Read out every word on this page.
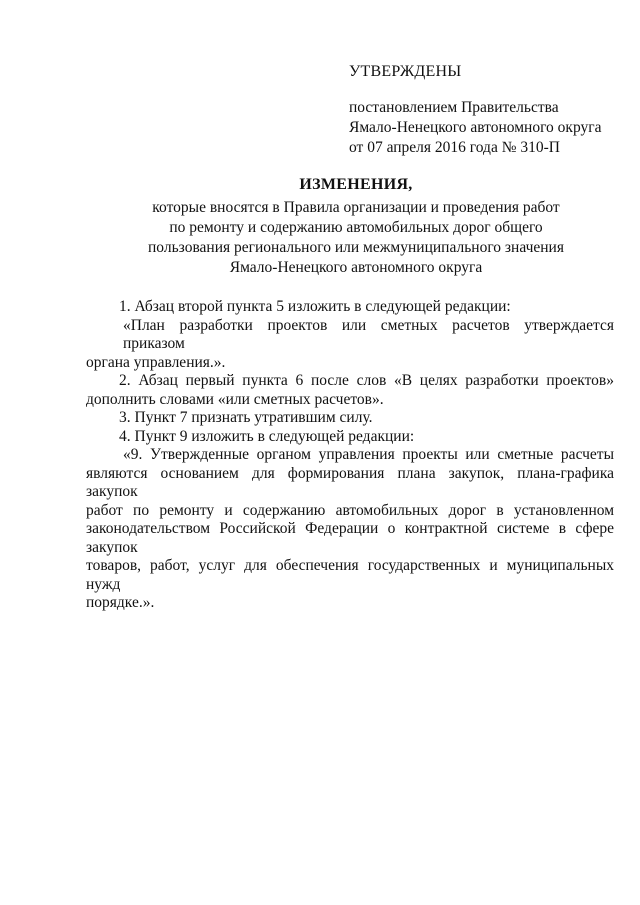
УТВЕРЖДЕНЫ
постановлением Правительства
Ямало-Ненецкого автономного округа
от 07 апреля 2016 года № 310-П
ИЗМЕНЕНИЯ,
которые вносятся в Правила организации и проведения работ
по ремонту и содержанию автомобильных дорог общего
пользования регионального или межмуниципального значения
Ямало-Ненецкого автономного округа
1. Абзац второй пункта 5 изложить в следующей редакции:
«План разработки проектов или сметных расчетов утверждается приказом
органа управления.».
2. Абзац первый пункта 6 после слов «В целях разработки проектов»
дополнить словами «или сметных расчетов».
3. Пункт 7 признать утратившим силу.
4. Пункт 9 изложить в следующей редакции:
«9. Утвержденные органом управления проекты или сметные расчеты
являются основанием для формирования плана закупок, плана-графика закупок
работ по ремонту и содержанию автомобильных дорог в установленном
законодательством Российской Федерации о контрактной системе в сфере закупок
товаров, работ, услуг для обеспечения государственных и муниципальных нужд
порядке.».
